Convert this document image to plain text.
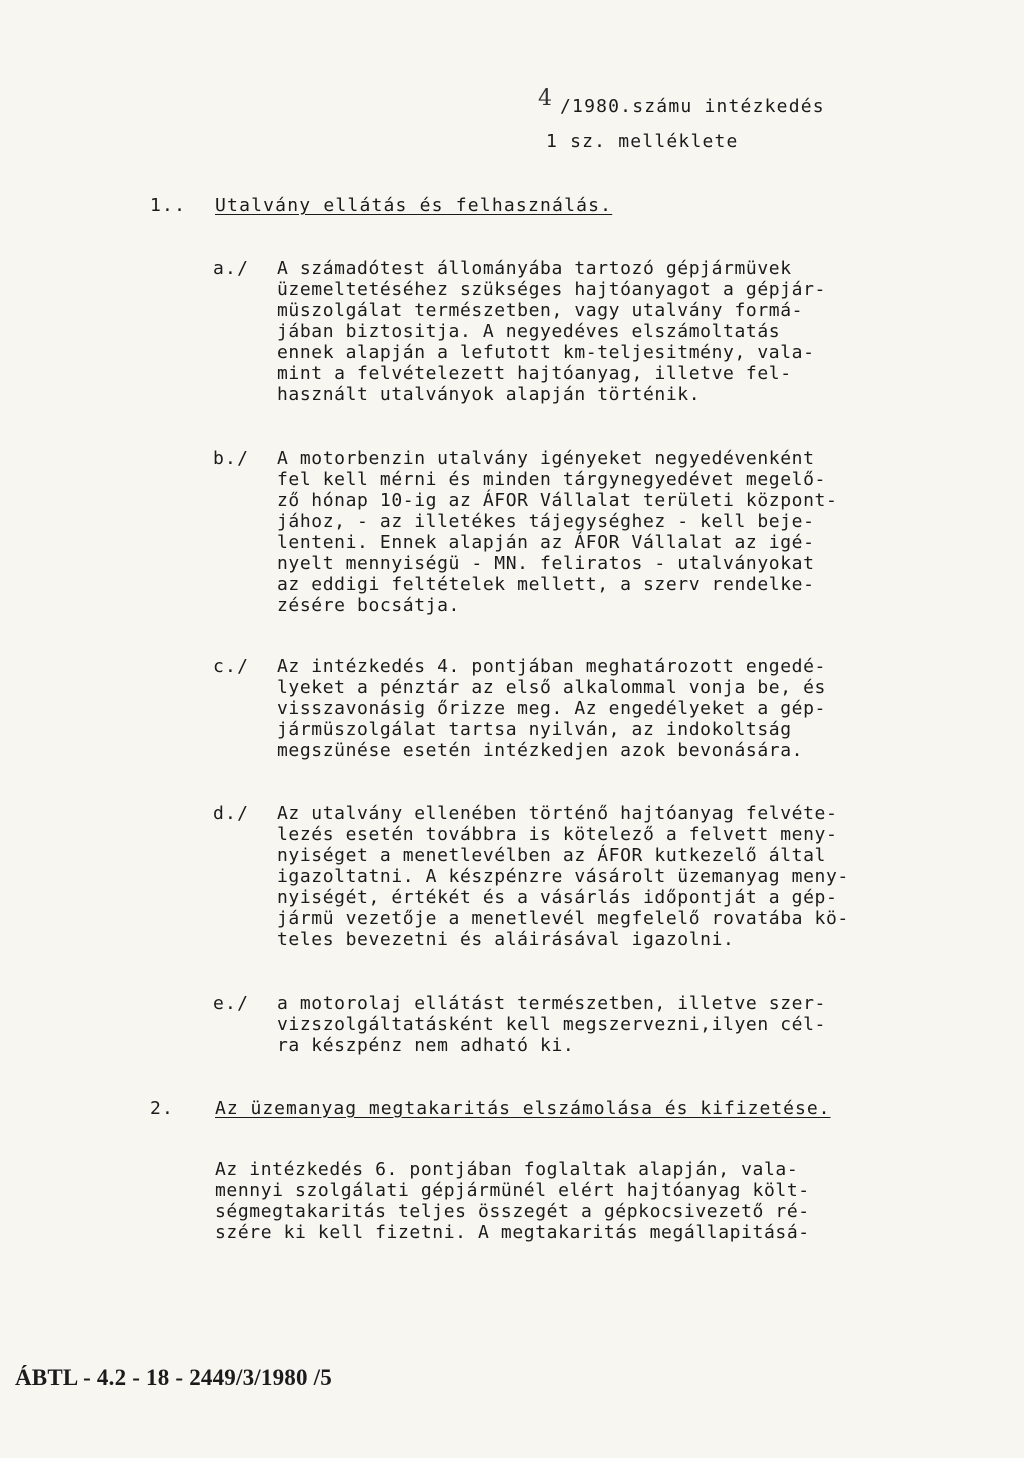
4 /1980.számu intézkedés
1 sz. melléklete
1.. Utalvány ellátás és felhasználás.
a./ A számadótest állományába tartozó gépjármüvek
üzemeltetéséhez szükséges hajtóanyagot a gépjár-
müszolgálat természetben, vagy utalvány formá-
jában biztositja. A negyedéves elszámoltatás
ennek alapján a lefutott km-teljesitmény, vala-
mint a felvételezett hajtóanyag, illetve fel-
használt utalványok alapján történik.
b./ A motorbenzin utalvány igényeket negyedévenként
fel kell mérni és minden tárgynegyedévet megelő-
ző hónap 10-ig az ÁFOR Vállalat területi központ-
jához, - az illetékes tájegységhez - kell beje-
lenteni. Ennek alapján az ÁFOR Vállalat az igé-
nyelt mennyiségü - MN. feliratos - utalványokat
az eddigi feltételek mellett, a szerv rendelke-
zésére bocsátja.
c./ Az intézkedés 4. pontjában meghatározott engedé-
lyeket a pénztár az első alkalommal vonja be, és
visszavonásig őrizze meg. Az engedélyeket a gép-
jármüszolgálat tartsa nyilván, az indokoltság
megszünése esetén intézkedjen azok bevonására.
d./ Az utalvány ellenében történő hajtóanyag felvéte-
lezés esetén továbbra is kötelező a felvett meny-
nyiséget a menetlevélben az ÁFOR kutkezelő által
igazoltatni. A készpénzre vásárolt üzemanyag meny-
nyiségét, értékét és a vásárlás időpontját a gép-
jármü vezetője a menetlevél megfelelő rovatába kö-
teles bevezetni és aláirásával igazolni.
e./ a motorolaj ellátást természetben, illetve szer-
vizszolgáltatásként kell megszervezni,ilyen cél-
ra készpénz nem adható ki.
2. Az üzemanyag megtakaritás elszámolása és kifizetése.
Az intézkedés 6. pontjában foglaltak alapján, vala-
mennyi szolgálati gépjármünél elért hajtóanyag költ-
ségmegtakaritás teljes összegét a gépkocsivezető ré-
szére ki kell fizetni. A megtakaritás megállapitásá-
ÁBTL - 4.2 - 18 - 2449/3/1980 /5
